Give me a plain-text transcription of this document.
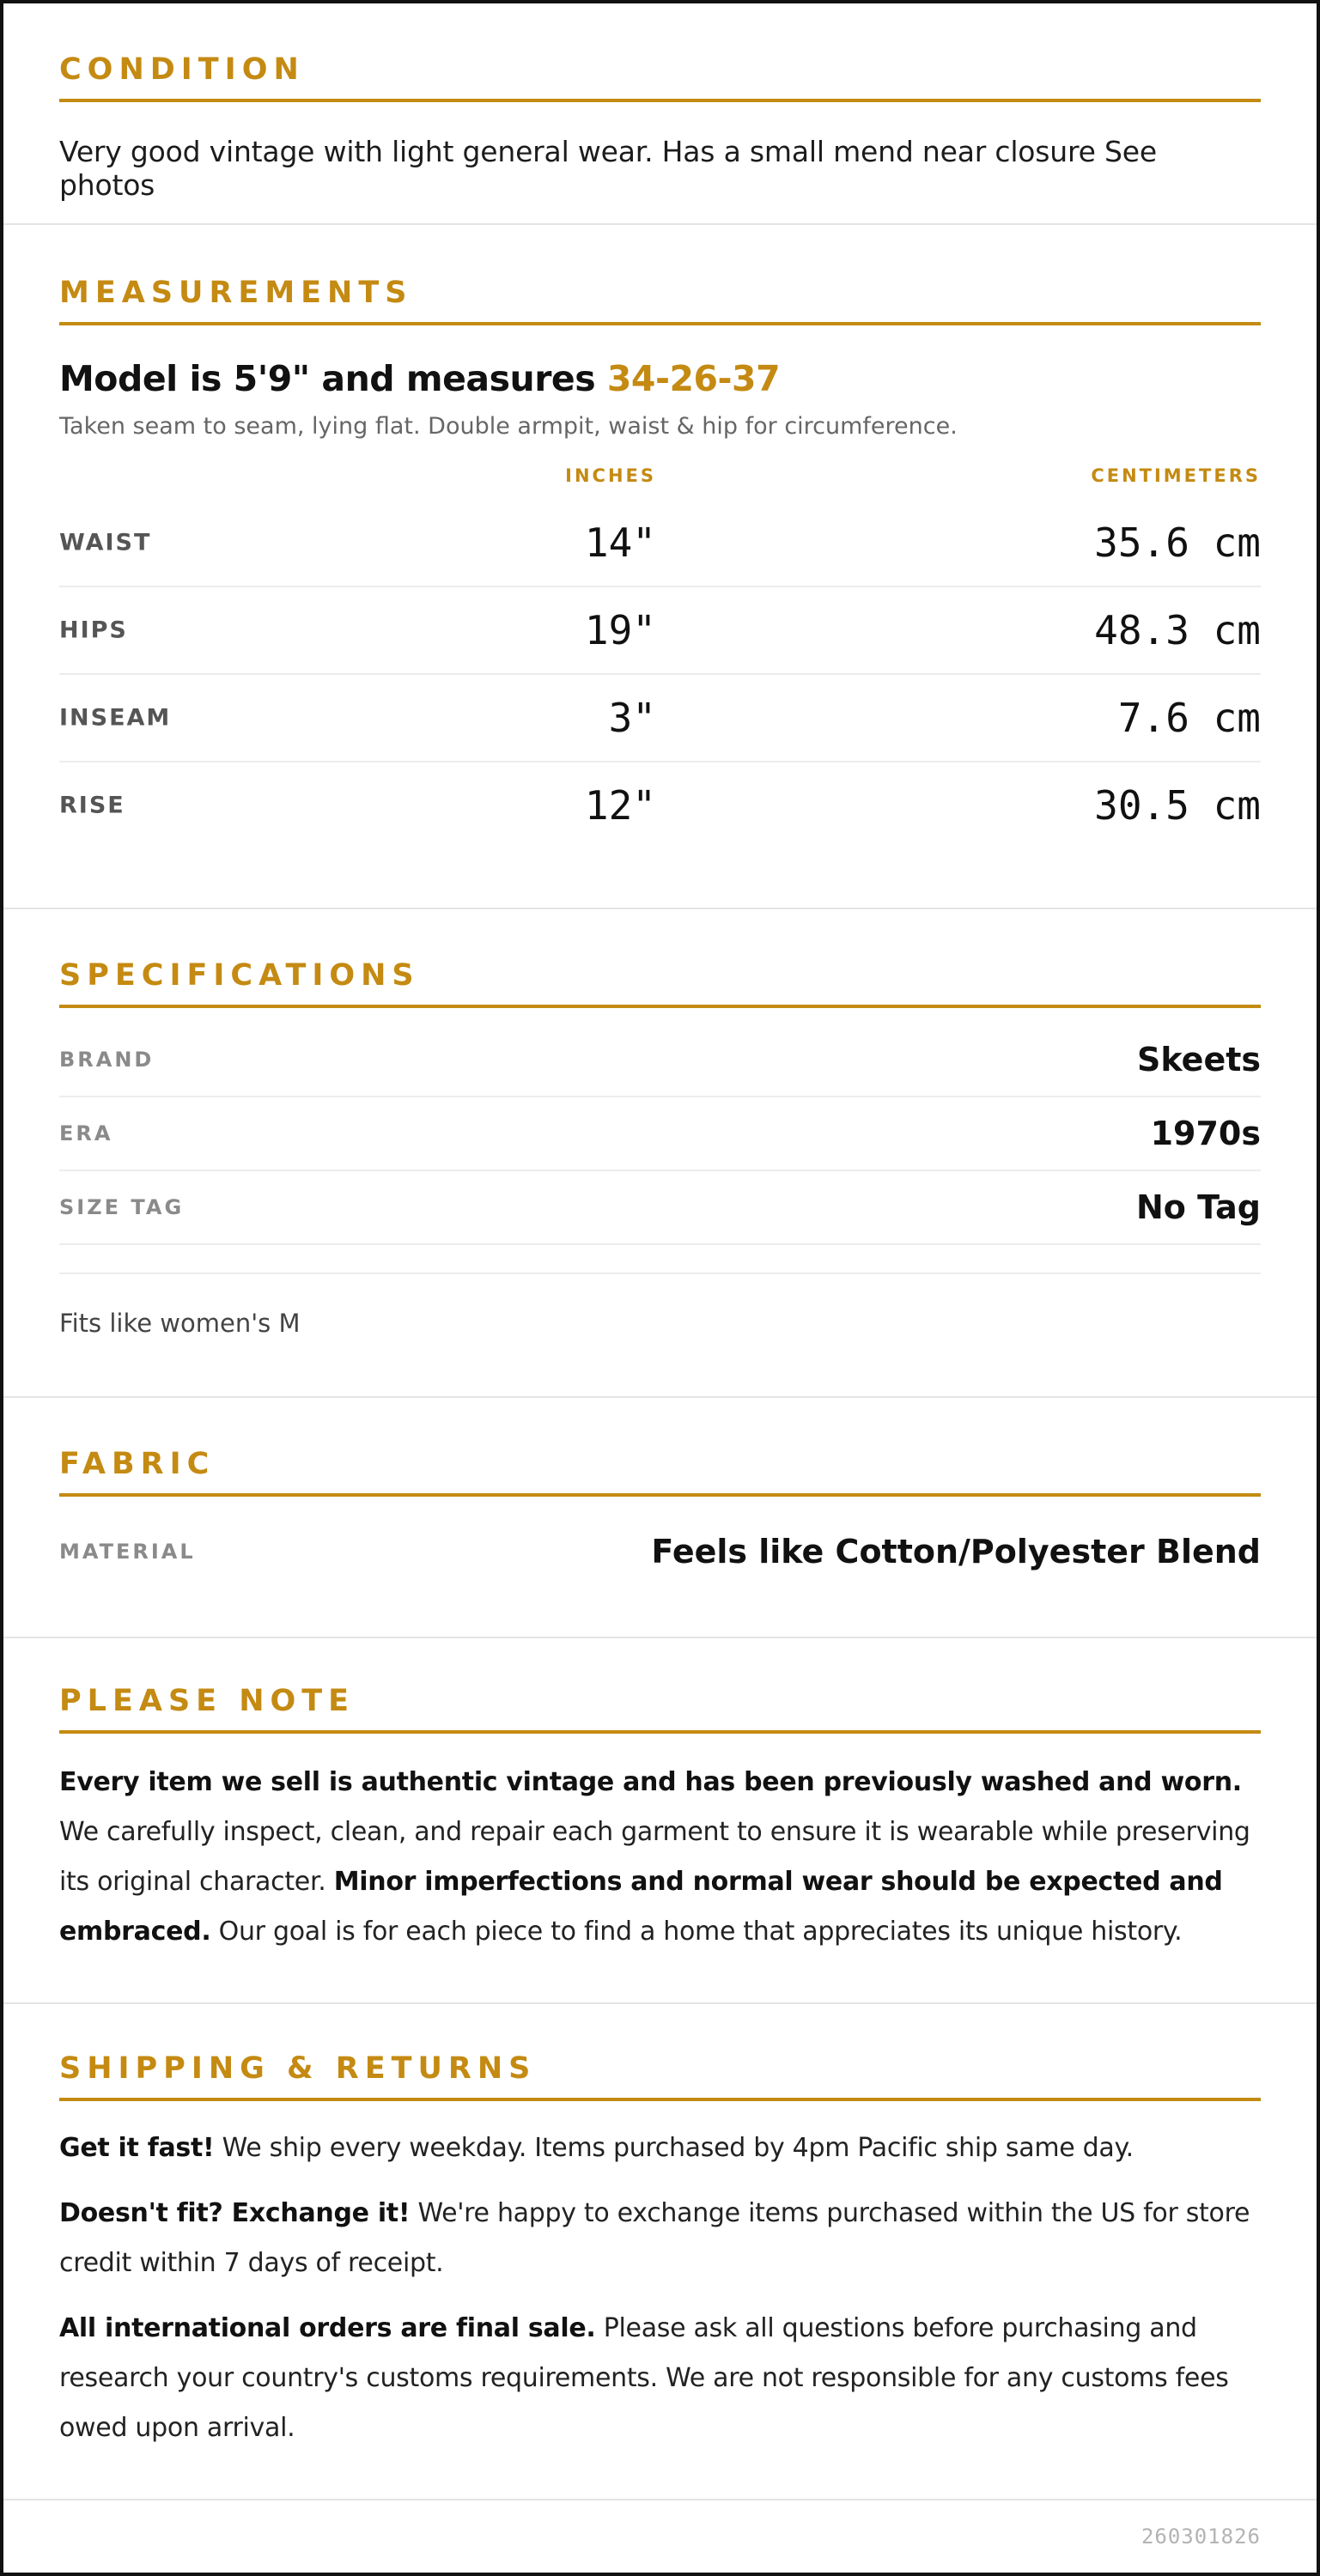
CONDITION
Very good vintage with light general wear. Has a small mend near closure See photos
MEASUREMENTS
Model is 5'9" and measures 34-26-37
Taken seam to seam, lying flat. Double armpit, waist & hip for circumference.
INCHES	CENTIMETERS
WAIST	14"	35.6 cm
HIPS	19"	48.3 cm
INSEAM	3"	7.6 cm
RISE	12"	30.5 cm
SPECIFICATIONS
BRAND	Skeets
ERA	1970s
SIZE TAG	No Tag
Fits like women's M
FABRIC
MATERIAL	Feels like Cotton/Polyester Blend
PLEASE NOTE
Every item we sell is authentic vintage and has been previously washed and worn. We carefully inspect, clean, and repair each garment to ensure it is wearable while preserving its original character. Minor imperfections and normal wear should be expected and embraced. Our goal is for each piece to find a home that appreciates its unique history.
SHIPPING & RETURNS

Get it fast! We ship every weekday. Items purchased by 4pm Pacific ship same day.

Doesn't fit? Exchange it! We're happy to exchange items purchased within the US for store credit within 7 days of receipt.

All international orders are final sale. Please ask all questions before purchasing and research your country's customs requirements. We are not responsible for any customs fees owed upon arrival.

260301826
